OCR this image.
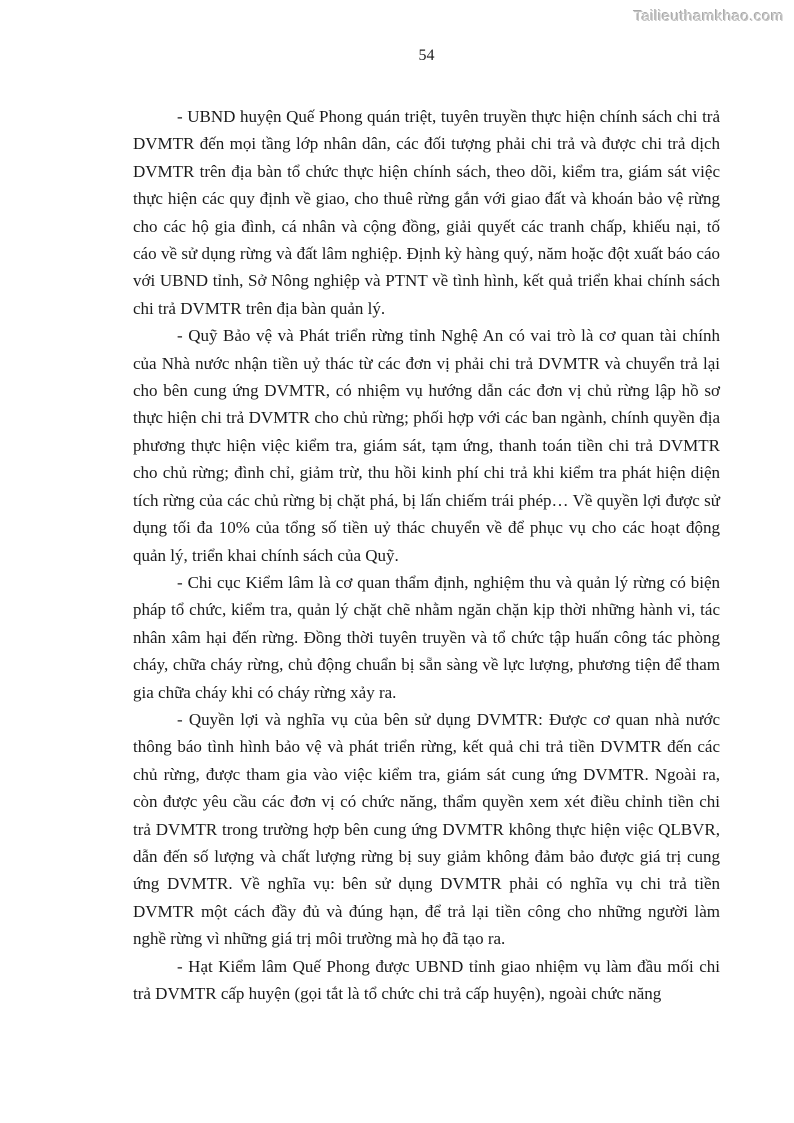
Tailieuthamkhao.com
54

- UBND huyện Quế Phong quán triệt, tuyên truyền thực hiện chính sách chi trả DVMTR đến mọi tầng lớp nhân dân, các đối tượng phải chi trả và được chi trả dịch DVMTR trên địa bàn tổ chức thực hiện chính sách, theo dõi, kiểm tra, giám sát việc thực hiện các quy định về giao, cho thuê rừng gắn với giao đất và khoán bảo vệ rừng cho các hộ gia đình, cá nhân và cộng đồng, giải quyết các tranh chấp, khiếu nại, tố cáo về sử dụng rừng và đất lâm nghiệp. Định kỳ hàng quý, năm hoặc đột xuất báo cáo với UBND tỉnh, Sở Nông nghiệp và PTNT về tình hình, kết quả triển khai chính sách chi trả DVMTR trên địa bàn quản lý.

- Quỹ Bảo vệ và Phát triển rừng tỉnh Nghệ An có vai trò là cơ quan tài chính của Nhà nước nhận tiền uỷ thác từ các đơn vị phải chi trả DVMTR và chuyển trả lại cho bên cung ứng DVMTR, có nhiệm vụ hướng dẫn các đơn vị chủ rừng lập hồ sơ thực hiện chi trả DVMTR cho chủ rừng; phối hợp với các ban ngành, chính quyền địa phương thực hiện việc kiểm tra, giám sát, tạm ứng, thanh toán tiền chi trả DVMTR cho chủ rừng; đình chỉ, giảm trừ, thu hồi kinh phí chi trả khi kiểm tra phát hiện diện tích rừng của các chủ rừng bị chặt phá, bị lấn chiếm trái phép… Về quyền lợi được sử dụng tối đa 10% của tổng số tiền uỷ thác chuyển về để phục vụ cho các hoạt động quản lý, triển khai chính sách của Quỹ.

- Chi cục Kiểm lâm là cơ quan thẩm định, nghiệm thu và quản lý rừng có biện pháp tổ chức, kiểm tra, quản lý chặt chẽ nhằm ngăn chặn kịp thời những hành vi, tác nhân xâm hại đến rừng. Đồng thời tuyên truyền và tổ chức tập huấn công tác phòng cháy, chữa cháy rừng, chủ động chuẩn bị sẵn sàng về lực lượng, phương tiện để tham gia chữa cháy khi có cháy rừng xảy ra.

- Quyền lợi và nghĩa vụ của bên sử dụng DVMTR: Được cơ quan nhà nước thông báo tình hình bảo vệ và phát triển rừng, kết quả chi trả tiền DVMTR đến các chủ rừng, được tham gia vào việc kiểm tra, giám sát cung ứng DVMTR. Ngoài ra, còn được yêu cầu các đơn vị có chức năng, thẩm quyền xem xét điều chỉnh tiền chi trả DVMTR trong trường hợp bên cung ứng DVMTR không thực hiện việc QLBVR, dẫn đến số lượng và chất lượng rừng bị suy giảm không đảm bảo được giá trị cung ứng DVMTR. Về nghĩa vụ: bên sử dụng DVMTR phải có nghĩa vụ chi trả tiền DVMTR một cách đầy đủ và đúng hạn, để trả lại tiền công cho những người làm nghề rừng vì những giá trị môi trường mà họ đã tạo ra.

- Hạt Kiểm lâm Quế Phong được UBND tỉnh giao nhiệm vụ làm đầu mối chi trả DVMTR cấp huyện (gọi tắt là tổ chức chi trả cấp huyện), ngoài chức năng
